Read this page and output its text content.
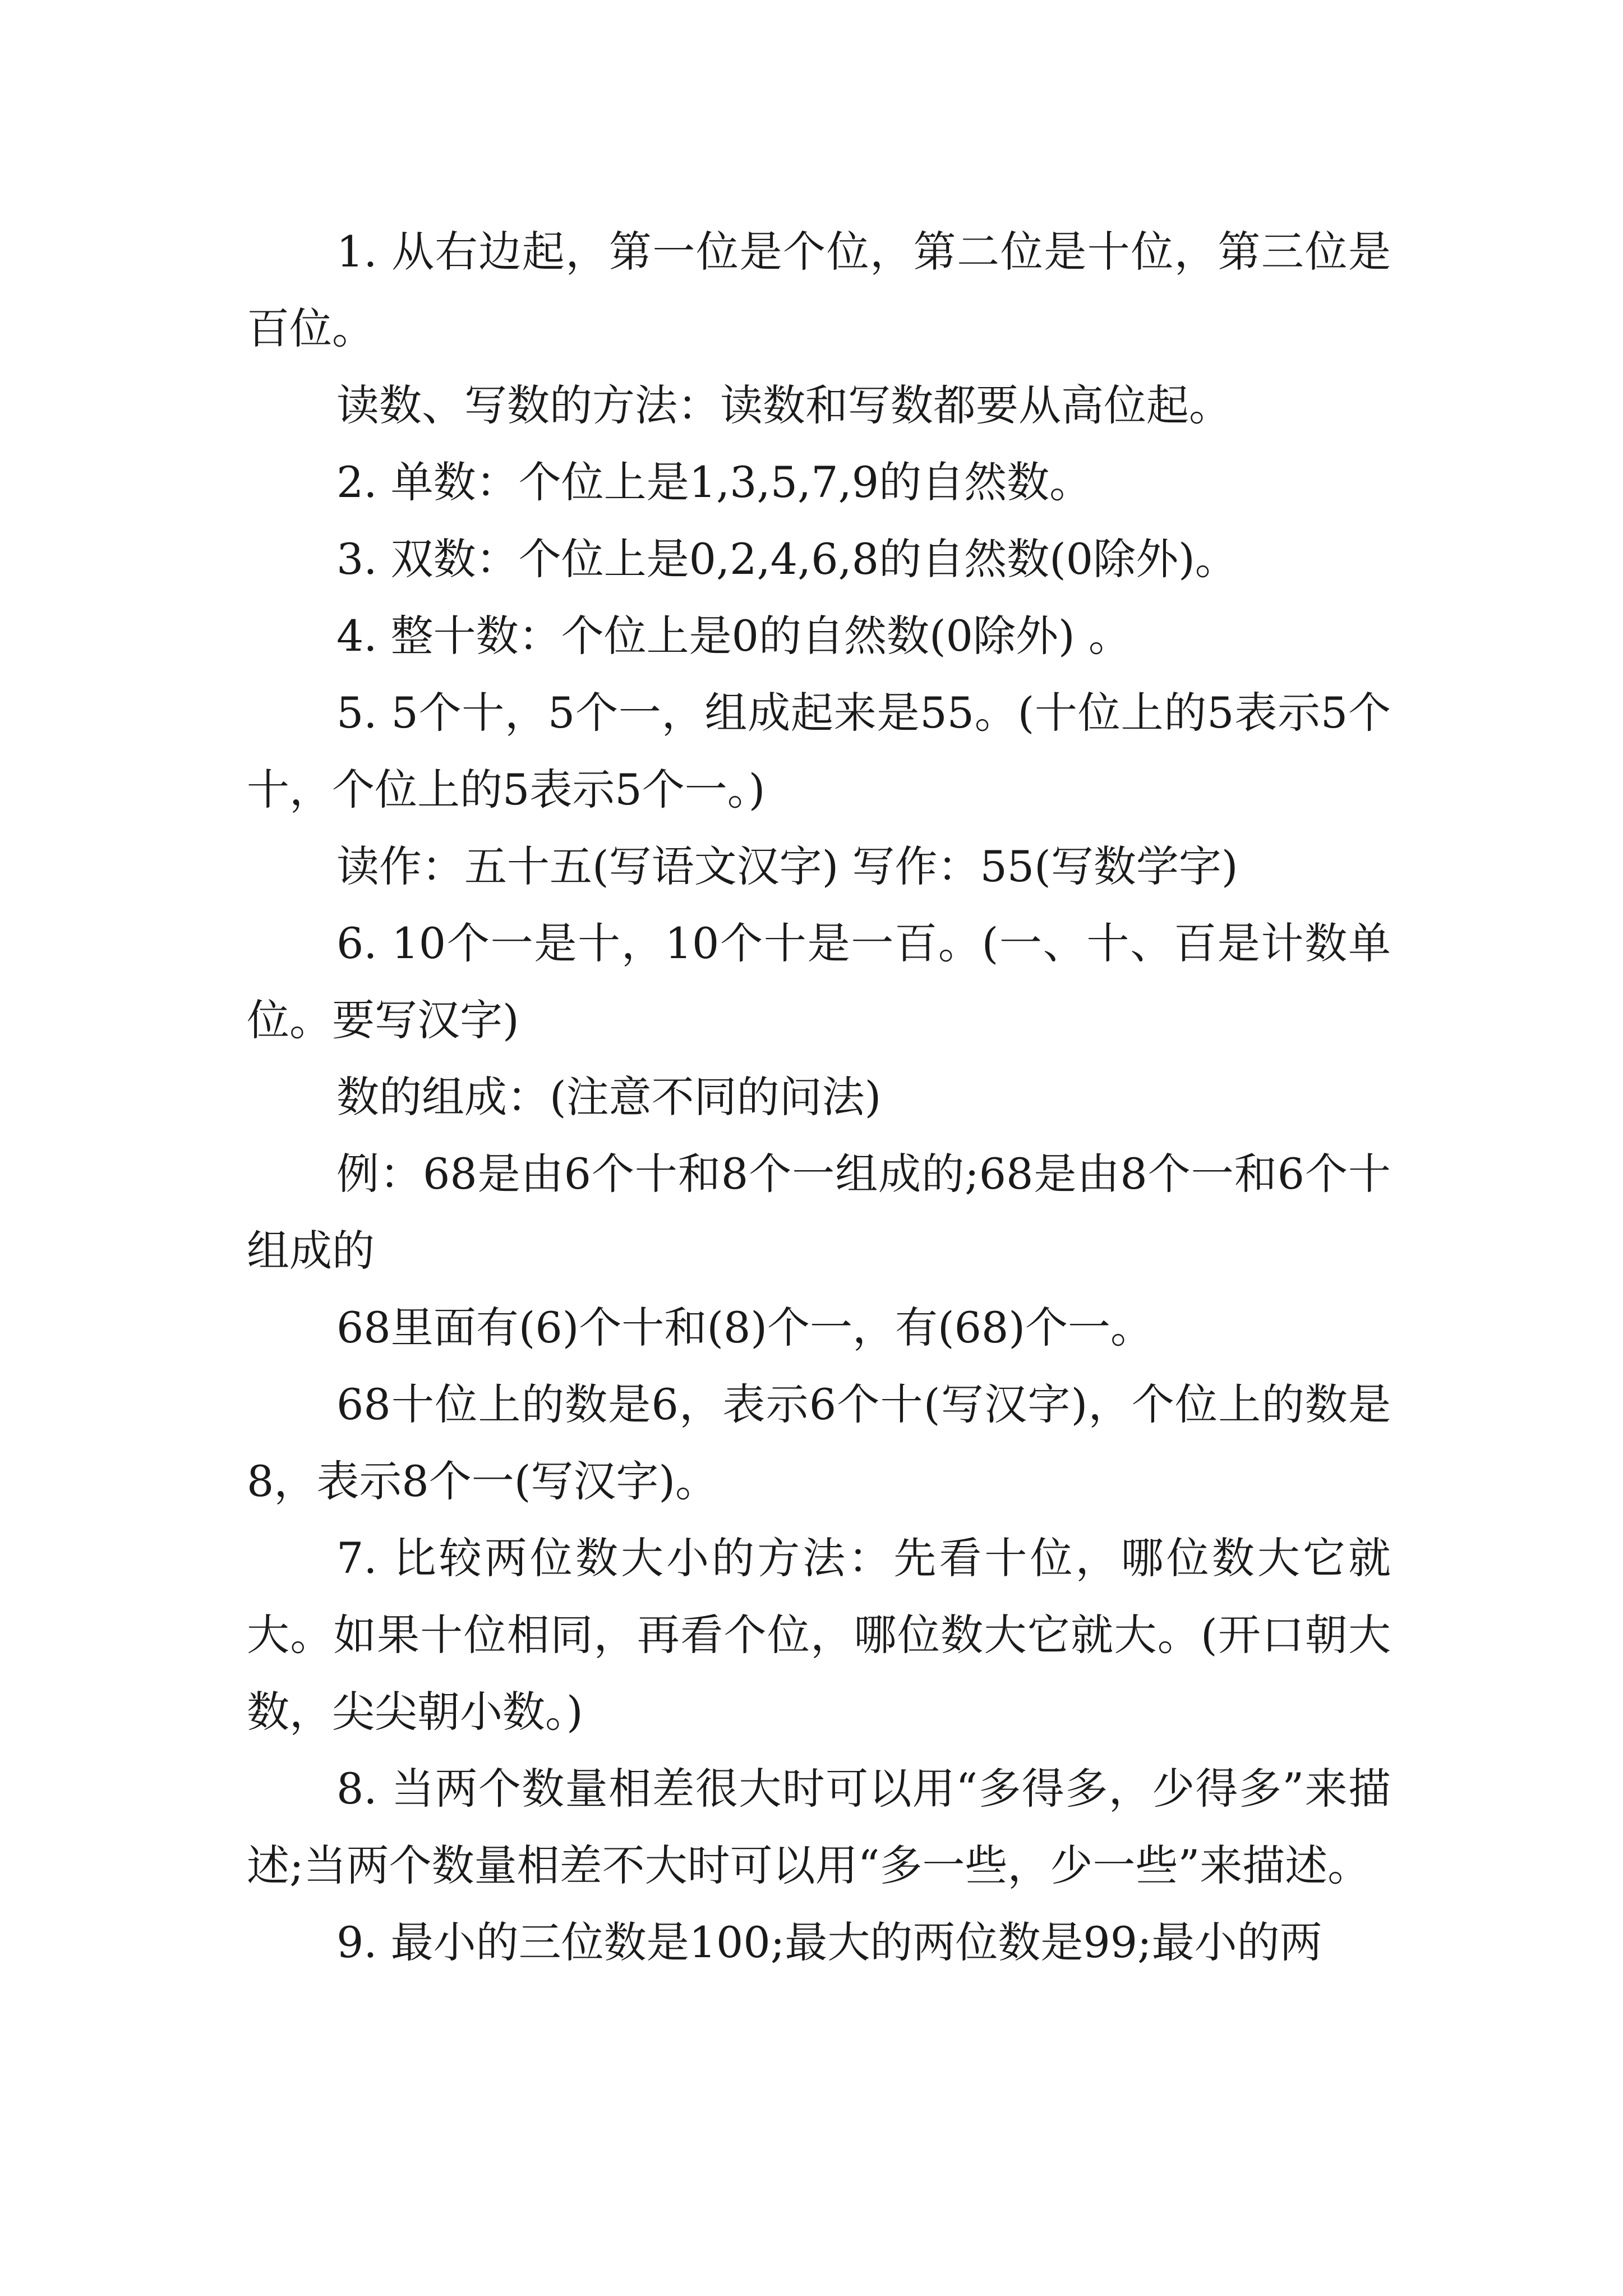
1. 从右边起，第一位是个位，第二位是十位，第三位是百位。

读数、写数的方法：读数和写数都要从高位起。

2. 单数：个位上是1,3,5,7,9的自然数。

3. 双数：个位上是0,2,4,6,8的自然数(0除外)。

4. 整十数：个位上是0的自然数(0除外) 。

5. 5个十，5个一，组成起来是55。(十位上的5表示5个十，个位上的5表示5个一。)

读作：五十五(写语文汉字) 写作：55(写数学字)

6. 10个一是十，10个十是一百。(一、十、百是计数单位。要写汉字)

数的组成：(注意不同的问法)

例：68是由6个十和8个一组成的;68是由8个一和6个十组成的

68里面有(6)个十和(8)个一，有(68)个一。

68十位上的数是6，表示6个十(写汉字)，个位上的数是8，表示8个一(写汉字)。

7. 比较两位数大小的方法：先看十位，哪位数大它就大。如果十位相同，再看个位，哪位数大它就大。(开口朝大数，尖尖朝小数。)

8. 当两个数量相差很大时可以用“多得多，少得多”来描述;当两个数量相差不大时可以用“多一些，少一些”来描述。

9. 最小的三位数是100;最大的两位数是99;最小的两
